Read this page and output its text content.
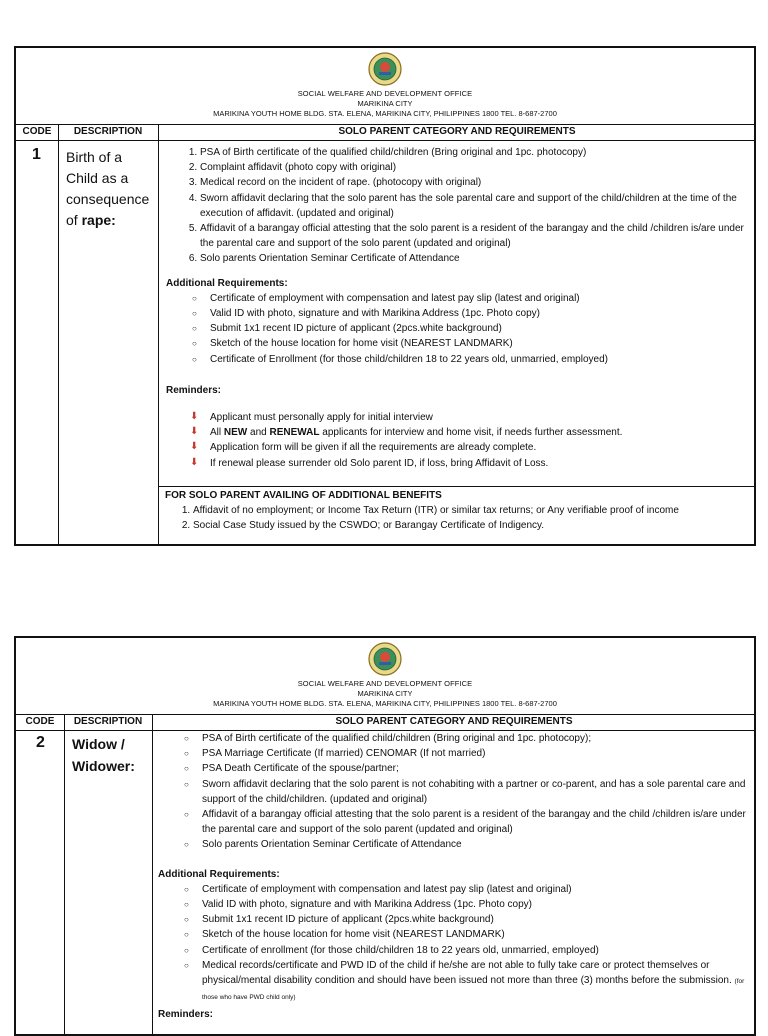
SOCIAL WELFARE AND DEVELOPMENT OFFICE
MARIKINA CITY
MARIKINA YOUTH HOME BLDG. STA. ELENA, MARIKINA CITY, PHILIPPINES 1800 TEL. 8-687-2700
CODE	DESCRIPTION	SOLO PARENT CATEGORY AND REQUIREMENTS
1 Birth of a
Child as a
consequence
of rape:
1. PSA of Birth certificate of the qualified child/children (Bring original and 1pc. photocopy)
2. Complaint affidavit (photo copy with original)
3. Medical record on the incident of rape. (photocopy with original)
4. Sworn affidavit declaring that the solo parent has the sole parental care and support of the child/children at the time of the execution of affidavit. (updated and original)
5. Affidavit of a barangay official attesting that the solo parent is a resident of the barangay and the child /children is/are under the parental care and support of the solo parent (updated and original)
6. Solo parents Orientation Seminar Certificate of Attendance
Additional Requirements:
○ Certificate of employment with compensation and latest pay slip (latest and original)
○ Valid ID with photo, signature and with Marikina Address (1pc. Photo copy)
○ Submit 1x1 recent ID picture of applicant (2pcs.white background)
○ Sketch of the house location for home visit (NEAREST LANDMARK)
○ Certificate of Enrollment (for those child/children 18 to 22 years old, unmarried, employed)
Reminders:
⬇ Applicant must personally apply for initial interview
⬇ All NEW and RENEWAL applicants for interview and home visit, if needs further assessment.
⬇ Application form will be given if all the requirements are already complete.
⬇ If renewal please surrender old Solo parent ID, if loss, bring Affidavit of Loss.
FOR SOLO PARENT AVAILING OF ADDITIONAL BENEFITS
1. Affidavit of no employment; or Income Tax Return (ITR) or similar tax returns; or Any verifiable proof of income
2. Social Case Study issued by the CSWDO; or Barangay Certificate of Indigency.
SOCIAL WELFARE AND DEVELOPMENT OFFICE
MARIKINA CITY
MARIKINA YOUTH HOME BLDG. STA. ELENA, MARIKINA CITY, PHILIPPINES 1800 TEL. 8-687-2700
CODE	DESCRIPTION	SOLO PARENT CATEGORY AND REQUIREMENTS
2 Widow /
Widower:
○ PSA of Birth certificate of the qualified child/children (Bring original and 1pc. photocopy);
○ PSA Marriage Certificate (If married) CENOMAR (If not married)
○ PSA Death Certificate of the spouse/partner;
○ Sworn affidavit declaring that the solo parent is not cohabiting with a partner or co-parent, and has a sole parental care and support of the child/children. (updated and original)
○ Affidavit of a barangay official attesting that the solo parent is a resident of the barangay and the child /children is/are under the parental care and support of the solo parent (updated and original)
○ Solo parents Orientation Seminar Certificate of Attendance
Additional Requirements:
○ Certificate of employment with compensation and latest pay slip (latest and original)
○ Valid ID with photo, signature and with Marikina Address (1pc. Photo copy)
○ Submit 1x1 recent ID picture of applicant (2pcs.white background)
○ Sketch of the house location for home visit (NEAREST LANDMARK)
○ Certificate of enrollment (for those child/children 18 to 22 years old, unmarried, employed)
○ Medical records/certificate and PWD ID of the child if he/she are not able to fully take care or protect themselves or physical/mental disability condition and should have been issued not more than three (3) months before the submission. (for those who have PWD child only)
Reminders:
